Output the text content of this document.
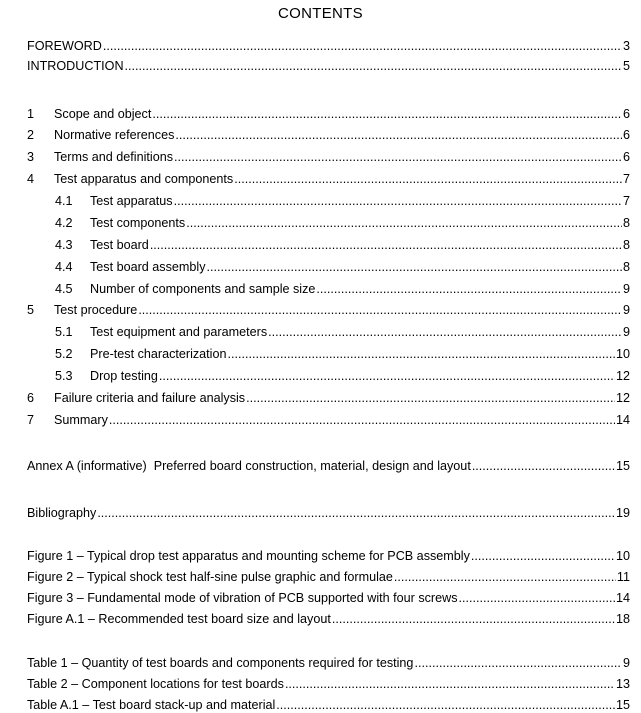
CONTENTS
FOREWORD .....	3
INTRODUCTION .....	5
1	Scope and object .....	6
2	Normative references .....	6
3	Terms and definitions .....	6
4	Test apparatus and components .....	7
4.1	Test apparatus .....	7
4.2	Test components .....	8
4.3	Test board .....	8
4.4	Test board assembly .....	8
4.5	Number of components and sample size .....	9
5	Test procedure .....	9
5.1	Test equipment and parameters .....	9
5.2	Pre-test characterization .....	10
5.3	Drop testing .....	12
6	Failure criteria and failure analysis .....	12
7	Summary .....	14
Annex A (informative)  Preferred board construction, material, design and layout .....	15
Bibliography .....	19
Figure 1 – Typical drop test apparatus and mounting scheme for PCB assembly .....	10
Figure 2 – Typical shock test half-sine pulse graphic and formulae .....	11
Figure 3 – Fundamental mode of vibration of PCB supported with four screws .....	14
Figure A.1 – Recommended test board size and layout .....	18
Table 1 – Quantity of test boards and components required for testing .....	9
Table 2 – Component locations for test boards .....	13
Table A.1 – Test board stack-up and material .....	15
